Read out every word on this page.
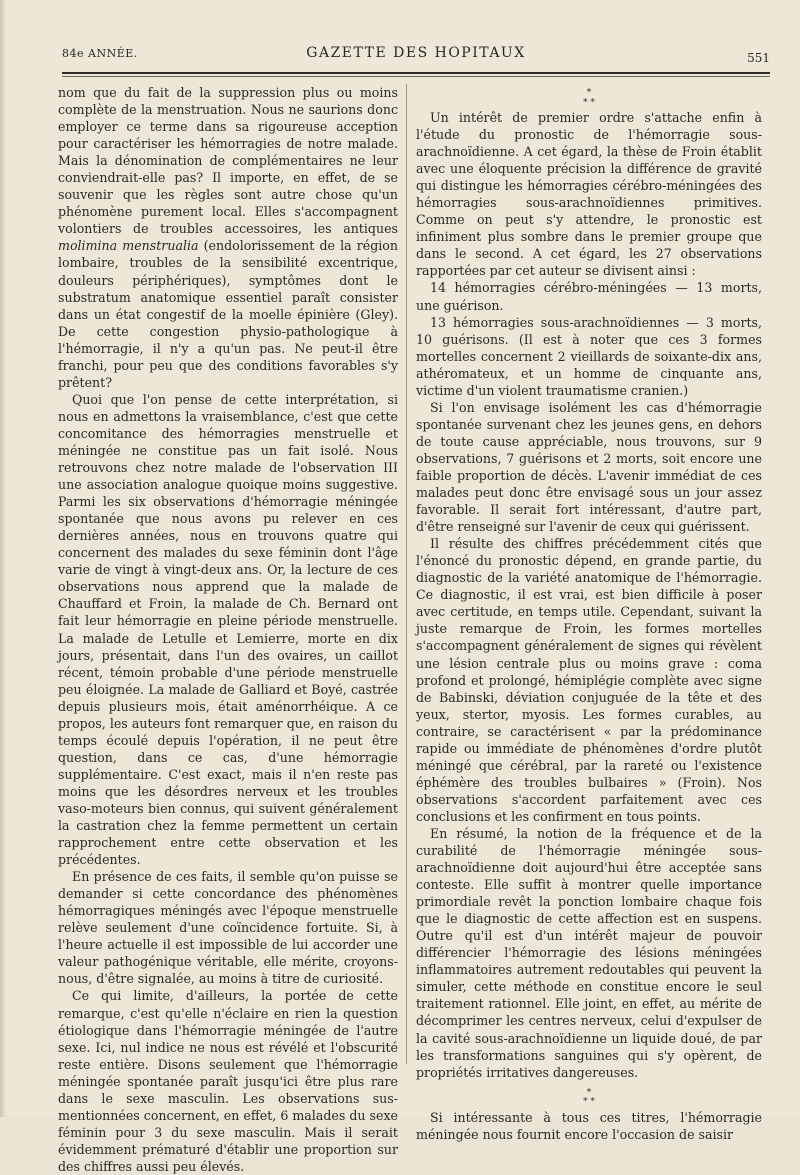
84e ANNÉE.	GAZETTE DES HOPITAUX	551

nom que du fait de la suppression plus ou moins complète de la menstruation. Nous ne saurions donc employer ce terme dans sa rigoureuse acception pour caractériser les hémorragies de notre malade. Mais la dénomination de complémentaires ne leur conviendrait-elle pas? Il importe, en effet, de se souvenir que les règles sont autre chose qu'un phénomène purement local. Elles s'accompagnent volontiers de troubles accessoires, les antiques molimina menstrualia (endolorissement de la région lombaire, troubles de la sensibilité excentrique, douleurs périphériques), symptômes dont le substratum anatomique essentiel paraît consister dans un état congestif de la moelle épinière (Gley). De cette congestion physio-pathologique à l'hémorragie, il n'y a qu'un pas. Ne peut-il être franchi, pour peu que des conditions favorables s'y prêtent?

Quoi que l'on pense de cette interprétation, si nous en admettons la vraisemblance, c'est que cette concomitance des hémorragies menstruelle et méningée ne constitue pas un fait isolé. Nous retrouvons chez notre malade de l'observation III une association analogue quoique moins suggestive. Parmi les six observations d'hémorragie méningée spontanée que nous avons pu relever en ces dernières années, nous en trouvons quatre qui concernent des malades du sexe féminin dont l'âge varie de vingt à vingt-deux ans. Or, la lecture de ces observations nous apprend que la malade de Chauffard et Froin, la malade de Ch. Bernard ont fait leur hémorragie en pleine période menstruelle. La malade de Letulle et Lemierre, morte en dix jours, présentait, dans l'un des ovaires, un caillot récent, témoin probable d'une période menstruelle peu éloignée. La malade de Galliard et Boyé, castrée depuis plusieurs mois, était aménorrhéique. A ce propos, les auteurs font remarquer que, en raison du temps écoulé depuis l'opération, il ne peut être question, dans ce cas, d'une hémorragie supplémentaire. C'est exact, mais il n'en reste pas moins que les désordres nerveux et les troubles vaso-moteurs bien connus, qui suivent généralement la castration chez la femme permettent un certain rapprochement entre cette observation et les précédentes.

En présence de ces faits, il semble qu'on puisse se demander si cette concordance des phénomènes hémorragiques méningés avec l'époque menstruelle relève seulement d'une coïncidence fortuite. Si, à l'heure actuelle il est impossible de lui accorder une valeur pathogénique véritable, elle mérite, croyons-nous, d'être signalée, au moins à titre de curiosité.

Ce qui limite, d'ailleurs, la portée de cette remarque, c'est qu'elle n'éclaire en rien la question étiologique dans l'hémorragie méningée de l'autre sexe. Ici, nul indice ne nous est révélé et l'obscurité reste entière. Disons seulement que l'hémorragie méningée spontanée paraît jusqu'ici être plus rare dans le sexe masculin. Les observations sus-mentionnées concernent, en effet, 6 malades du sexe féminin pour 3 du sexe masculin. Mais il serait évidemment prématuré d'établir une proportion sur des chiffres aussi peu élevés.

*
* *

Un intérêt de premier ordre s'attache enfin à l'étude du pronostic de l'hémorragie sous-arachnoïdienne. A cet égard, la thèse de Froin établit avec une éloquente précision la différence de gravité qui distingue les hémorragies cérébro-méningées des hémorragies sous-arachnoïdiennes primitives. Comme on peut s'y attendre, le pronostic est infiniment plus sombre dans le premier groupe que dans le second. A cet égard, les 27 observations rapportées par cet auteur se divisent ainsi :

14 hémorragies cérébro-méningées — 13 morts, une guérison.

13 hémorragies sous-arachnoïdiennes — 3 morts, 10 guérisons. (Il est à noter que ces 3 formes mortelles concernent 2 vieillards de soixante-dix ans, athéromateux, et un homme de cinquante ans, victime d'un violent traumatisme cranien.)

Si l'on envisage isolément les cas d'hémorragie spontanée survenant chez les jeunes gens, en dehors de toute cause appréciable, nous trouvons, sur 9 observations, 7 guérisons et 2 morts, soit encore une faible proportion de décès. L'avenir immédiat de ces malades peut donc être envisagé sous un jour assez favorable. Il serait fort intéressant, d'autre part, d'être renseigné sur l'avenir de ceux qui guérissent.

Il résulte des chiffres précédemment cités que l'énoncé du pronostic dépend, en grande partie, du diagnostic de la variété anatomique de l'hémorragie. Ce diagnostic, il est vrai, est bien difficile à poser avec certitude, en temps utile. Cependant, suivant la juste remarque de Froin, les formes mortelles s'accompagnent généralement de signes qui révèlent une lésion centrale plus ou moins grave : coma profond et prolongé, hémiplégie complète avec signe de Babinski, déviation conjuguée de la tête et des yeux, stertor, myosis. Les formes curables, au contraire, se caractérisent « par la prédominance rapide ou immédiate de phénomènes d'ordre plutôt méningé que cérébral, par la rareté ou l'existence éphémère des troubles bulbaires » (Froin). Nos observations s'accordent parfaitement avec ces conclusions et les confirment en tous points.

En résumé, la notion de la fréquence et de la curabilité de l'hémorragie méningée sous-arachnoïdienne doit aujourd'hui être acceptée sans conteste. Elle suffit à montrer quelle importance primordiale revêt la ponction lombaire chaque fois que le diagnostic de cette affection est en suspens. Outre qu'il est d'un intérêt majeur de pouvoir différencier l'hémorragie des lésions méningées inflammatoires autrement redoutables qui peuvent la simuler, cette méthode en constitue encore le seul traitement rationnel. Elle joint, en effet, au mérite de décomprimer les centres nerveux, celui d'expulser de la cavité sous-arachnoïdienne un liquide doué, de par les transformations sanguines qui s'y opèrent, de propriétés irritatives dangereuses.

*
* *

Si intéressante à tous ces titres, l'hémorragie méningée nous fournit encore l'occasion de saisir
